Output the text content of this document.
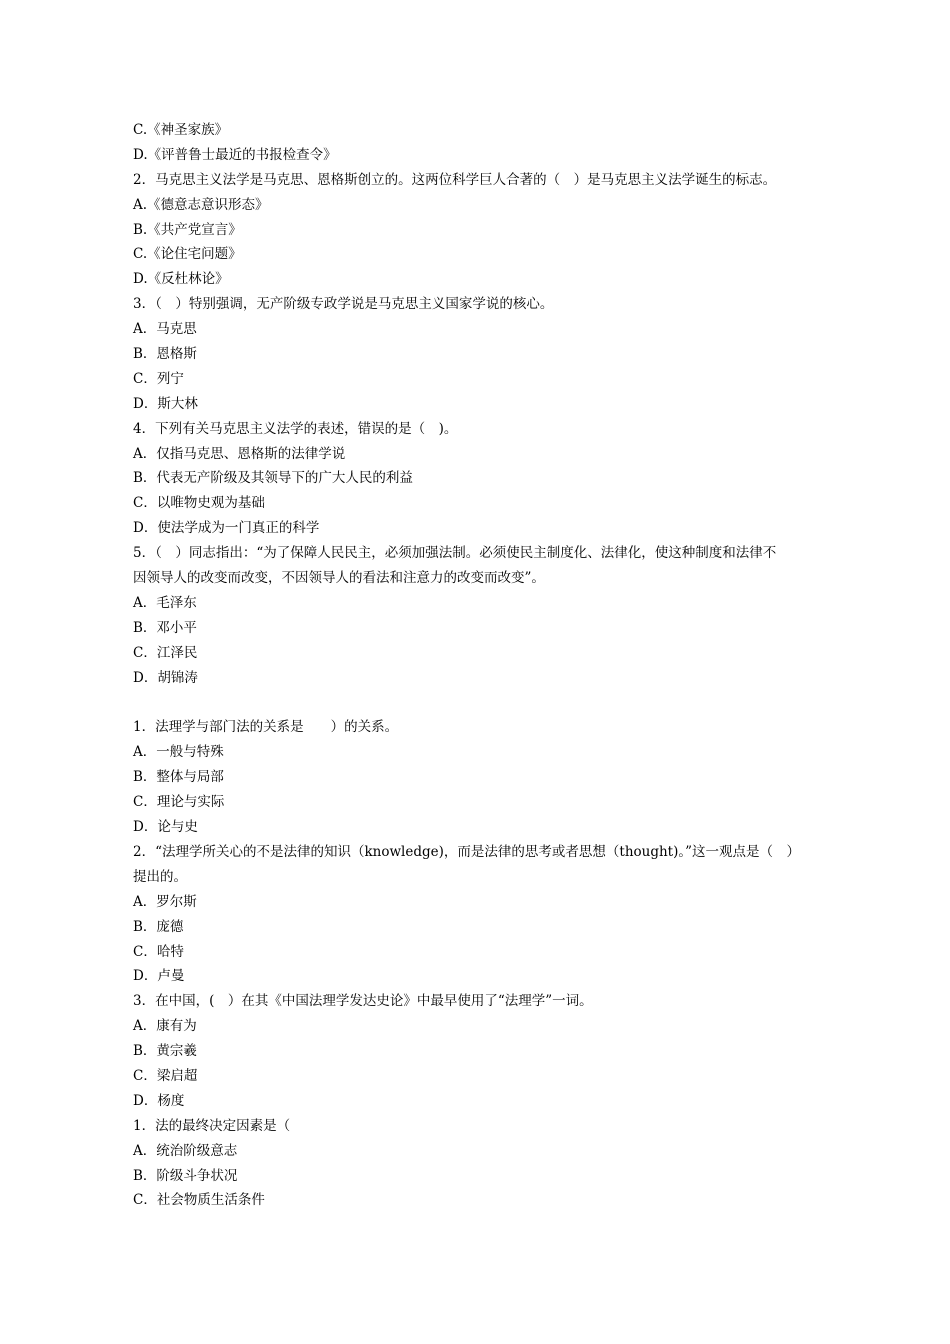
C.《神圣家族》
D.《评普鲁士最近的书报检查令》
2．马克思主义法学是马克思、恩格斯创立的。这两位科学巨人合著的（　）是马克思主义法学诞生的标志。
A.《德意志意识形态》
B.《共产党宣言》
C.《论住宅问题》
D.《反杜林论》
3．（　）特别强调，无产阶级专政学说是马克思主义国家学说的核心。
A．马克思
B．恩格斯
C．列宁
D．斯大林
4．下列有关马克思主义法学的表述，错误的是（　)。
A．仅指马克思、恩格斯的法律学说
B．代表无产阶级及其领导下的广大人民的利益
C．以唯物史观为基础
D．使法学成为一门真正的科学
5．（　）同志指出：“为了保障人民民主，必须加强法制。必须使民主制度化、法律化，使这种制度和法律不
因领导人的改变而改变，不因领导人的看法和注意力的改变而改变”。
A．毛泽东
B．邓小平
C．江泽民
D．胡锦涛
1．法理学与部门法的关系是　　）的关系。
A．一般与特殊
B．整体与局部
C．理论与实际
D．论与史
2．“法理学所关心的不是法律的知识（knowledge)，而是法律的思考或者思想（thought)。”这一观点是（　）
提出的。
A．罗尔斯
B．庞德
C．哈特
D．卢曼
3．在中国，(　）在其《中国法理学发达史论》中最早使用了“法理学”一词。
A．康有为
B．黄宗羲
C．梁启超
D．杨度
1．法的最终决定因素是（
A．统治阶级意志
B．阶级斗争状况
C．社会物质生活条件
